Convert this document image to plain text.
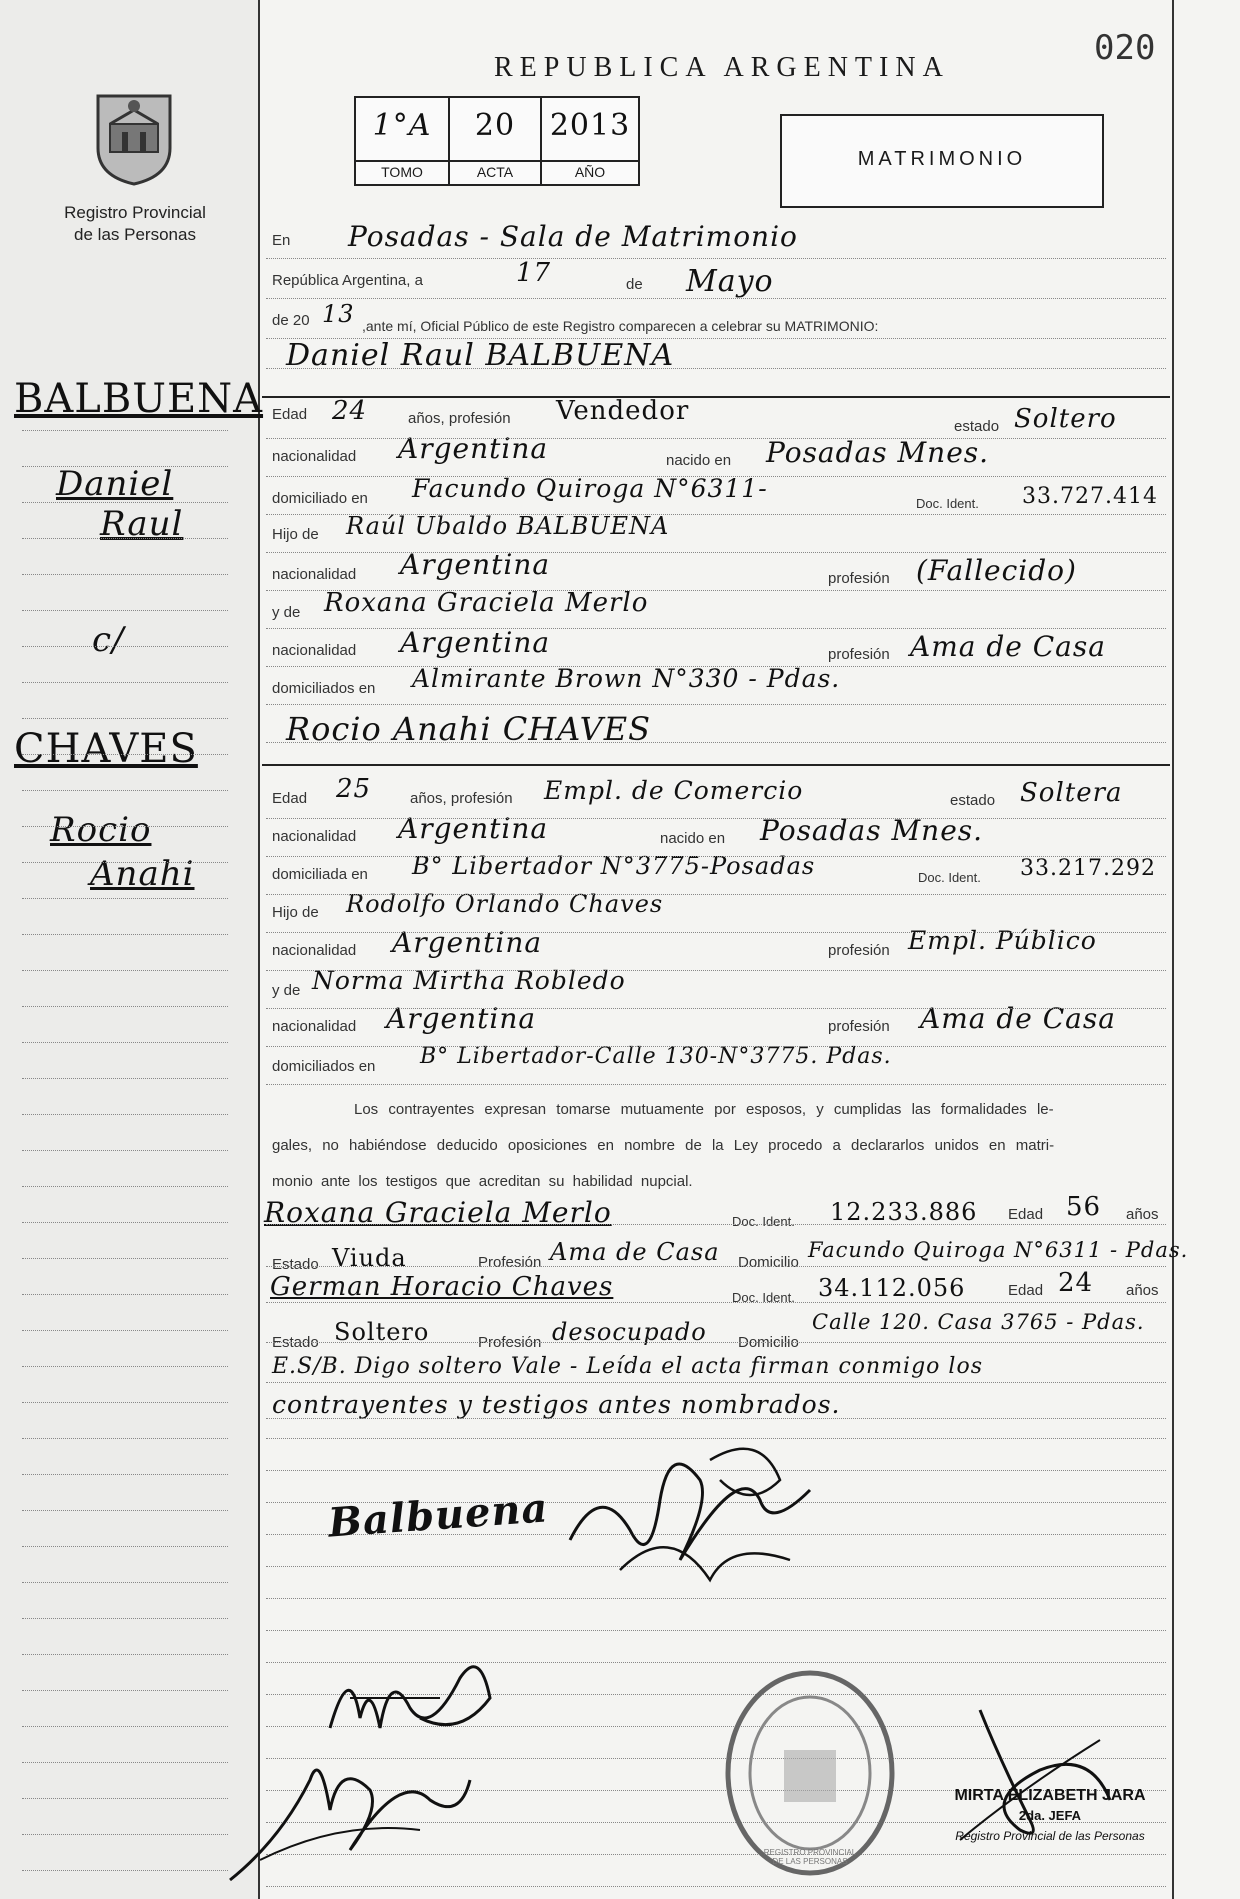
Registro Provincial
de las Personas
BALBUENA
Daniel
Raul
c/
CHAVES
Rocio
Anahi
REPUBLICA ARGENTINA	020
1°A
TOMO
20
ACTA
2013
AÑO
MATRIMONIO
En Posadas - Sala de Matrimonio
República Argentina, a	17	de Mayo
de 20 13 ,ante mí, Oficial Público de este Registro comparecen a celebrar su MATRIMONIO:
Daniel Raul BALBUENA
Edad 24	años, profesión Vendedor
estado Soltero
nacionalidad Argentina	nacido en Posadas Mnes.
domiciliado en Facundo Quiroga N°6311-
Doc. Ident. 33.727.414
Hijo de Raúl Ubaldo BALBUENA
nacionalidad Argentina	profesión (Fallecido)
y de Roxana Graciela Merlo
nacionalidad Argentina	profesión Ama de Casa
domiciliados en Almirante Brown N°330 - Pdas.
Rocio Anahi CHAVES
Edad 25	años, profesión Empl. de Comercio	estado Soltera
nacionalidad Argentina	nacido en Posadas Mnes.
domiciliada en B° Libertador N°3775-Posadas	Doc. Ident. 33.217.292
Hijo de Rodolfo Orlando Chaves
nacionalidad Argentina	profesión Empl. Público
y de Norma Mirtha Robledo
nacionalidad Argentina	profesión Ama de Casa
domiciliados en B° Libertador-Calle 130-N°3775. Pdas.
Los contrayentes expresan tomarse mutuamente por esposos, y cumplidas las formalidades le-
gales, no habiéndose deducido oposiciones en nombre de la Ley procedo a declararlos unidos en matri-
monio ante los testigos que acreditan su habilidad nupcial.
Roxana Graciela Merlo	Doc. Ident. 12.233.886 Edad 56 años
Estado Viuda	Profesión Ama de Casa Domicilio
Facundo Quiroga N°6311 - Pdas.
German Horacio Chaves	Doc. Ident. 34.112.056	Edad 24 años
Estado Soltero	Profesión desocupado Domicilio
Calle 120. Casa 3765 - Pdas.
E.S/B. Digo soltero Vale - Leída el acta firman conmigo los
contrayentes y testigos antes nombrados.
Balbuena
REGISTRO PROVINCIAL DE LAS PERSONAS
MIRTA ELIZABETH JARA
2da. JEFA
Registro Provincial de las Personas
